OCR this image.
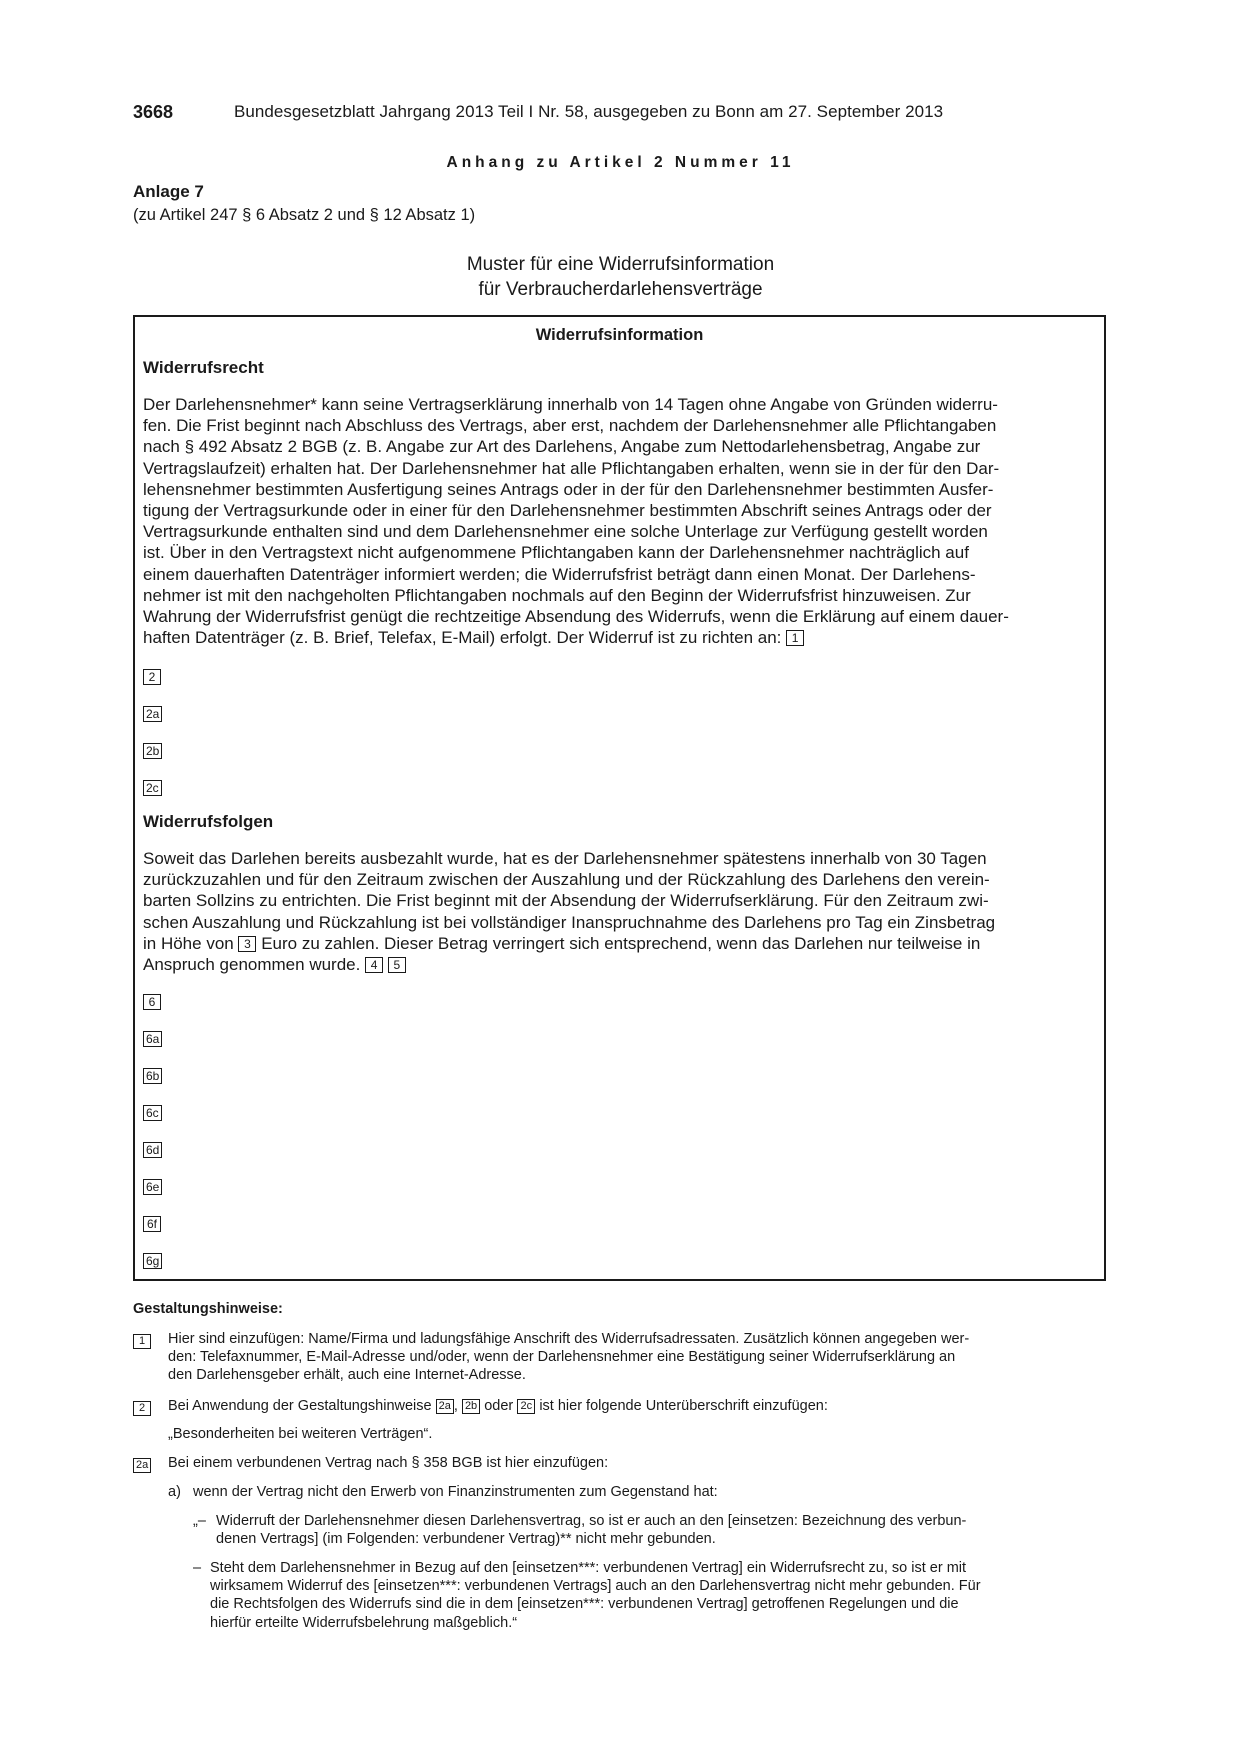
3668	Bundesgesetzblatt Jahrgang 2013 Teil I Nr. 58, ausgegeben zu Bonn am 27. September 2013
Anhang zu Artikel 2 Nummer 11
Anlage 7
(zu Artikel 247 § 6 Absatz 2 und § 12 Absatz 1)
Muster für eine Widerrufsinformation
für Verbraucherdarlehensverträge
Widerrufsinformation
Widerrufsrecht
Der Darlehensnehmer* kann seine Vertragserklärung innerhalb von 14 Tagen ohne Angabe von Gründen widerru-
fen. Die Frist beginnt nach Abschluss des Vertrags, aber erst, nachdem der Darlehensnehmer alle Pflichtangaben
nach § 492 Absatz 2 BGB (z. B. Angabe zur Art des Darlehens, Angabe zum Nettodarlehensbetrag, Angabe zur
Vertragslaufzeit) erhalten hat. Der Darlehensnehmer hat alle Pflichtangaben erhalten, wenn sie in der für den Dar-
lehensnehmer bestimmten Ausfertigung seines Antrags oder in der für den Darlehensnehmer bestimmten Ausfer-
tigung der Vertragsurkunde oder in einer für den Darlehensnehmer bestimmten Abschrift seines Antrags oder der
Vertragsurkunde enthalten sind und dem Darlehensnehmer eine solche Unterlage zur Verfügung gestellt worden
ist. Über in den Vertragstext nicht aufgenommene Pflichtangaben kann der Darlehensnehmer nachträglich auf
einem dauerhaften Datenträger informiert werden; die Widerrufsfrist beträgt dann einen Monat. Der Darlehens-
nehmer ist mit den nachgeholten Pflichtangaben nochmals auf den Beginn der Widerrufsfrist hinzuweisen. Zur
Wahrung der Widerrufsfrist genügt die rechtzeitige Absendung des Widerrufs, wenn die Erklärung auf einem dauer-
haften Datenträger (z. B. Brief, Telefax, E-Mail) erfolgt. Der Widerruf ist zu richten an: 1
2
2a
2b
2c
Widerrufsfolgen
Soweit das Darlehen bereits ausbezahlt wurde, hat es der Darlehensnehmer spätestens innerhalb von 30 Tagen
zurückzuzahlen und für den Zeitraum zwischen der Auszahlung und der Rückzahlung des Darlehens den verein-
barten Sollzins zu entrichten. Die Frist beginnt mit der Absendung der Widerrufserklärung. Für den Zeitraum zwi-
schen Auszahlung und Rückzahlung ist bei vollständiger Inanspruchnahme des Darlehens pro Tag ein Zinsbetrag
in Höhe von 3 Euro zu zahlen. Dieser Betrag verringert sich entsprechend, wenn das Darlehen nur teilweise in
Anspruch genommen wurde. 4 5
6
6a
6b
6c
6d
6e
6f
6g
Gestaltungshinweise:
1	Hier sind einzufügen: Name/Firma und ladungsfähige Anschrift des Widerrufsadressaten. Zusätzlich können angegeben wer-
den: Telefaxnummer, E-Mail-Adresse und/oder, wenn der Darlehensnehmer eine Bestätigung seiner Widerrufserklärung an
den Darlehensgeber erhält, auch eine Internet-Adresse.
2	Bei Anwendung der Gestaltungshinweise 2a , 2b oder 2c ist hier folgende Unterüberschrift einzufügen:
„Besonderheiten bei weiteren Verträgen“.
2a Bei einem verbundenen Vertrag nach § 358 BGB ist hier einzufügen:
a) wenn der Vertrag nicht den Erwerb von Finanzinstrumenten zum Gegenstand hat:
„– Widerruft der Darlehensnehmer diesen Darlehensvertrag, so ist er auch an den [einsetzen: Bezeichnung des verbun-
denen Vertrags] (im Folgenden: verbundener Vertrag)** nicht mehr gebunden.
– Steht dem Darlehensnehmer in Bezug auf den [einsetzen***: verbundenen Vertrag] ein Widerrufsrecht zu, so ist er mit
wirksamem Widerruf des [einsetzen***: verbundenen Vertrags] auch an den Darlehensvertrag nicht mehr gebunden. Für
die Rechtsfolgen des Widerrufs sind die in dem [einsetzen***: verbundenen Vertrag] getroffenen Regelungen und die
hierfür erteilte Widerrufsbelehrung maßgeblich.“
